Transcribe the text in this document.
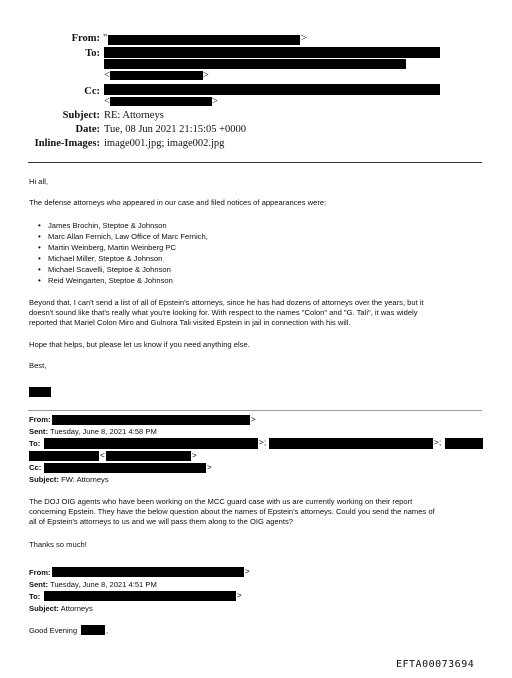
From: "	>
To:
<	>
Cc:
<	>
Subject: RE: Attorneys
Date: Tue, 08 Jun 2021 21:15:05 +0000
Inline-Images: image001.jpg; image002.jpg
Hi all,
The defense attorneys who appeared in our case and filed notices of appearances were:
• James Brochin, Steptoe & Johnson
• Marc Allan Fernich, Law Office of Marc Fernich,
• Martin Weinberg, Martin Weinberg PC
• Michael Miller, Steptoe & Johnson
• Michael Scavelli, Steptoe & Johnson
• Reid Weingarten, Steptoe & Johnson
Beyond that, I can't send a list of all of Epstein's attorneys, since he has had dozens of attorneys over the years, but it
doesn't sound like that's really what you're looking for. With respect to the names "Colon" and "G. Tali", it was widely
reported that Mariel Colon Miro and Gulnora Tali visited Epstein in jail in connection with his will.
Hope that helps, but please let us know if you need anything else.
Best,
From:	>
Sent: Tuesday, June 8, 2021 4:58 PM
To:	> ;	> ;
<	>
Cc:	>
Subject: FW: Attorneys
The DOJ OIG agents who have been working on the MCC guard case with us are currently working on their report
concerning Epstein. They have the below question about the names of Epstein's attorneys. Could you send the names of
all of Epstein's attorneys to us and we will pass them along to the OIG agents?
Thanks so much!
From:	>
Sent: Tuesday, June 8, 2021 4:51 PM
To:	>
Subject: Attorneys
Good Evening	,
EFTA00073694
